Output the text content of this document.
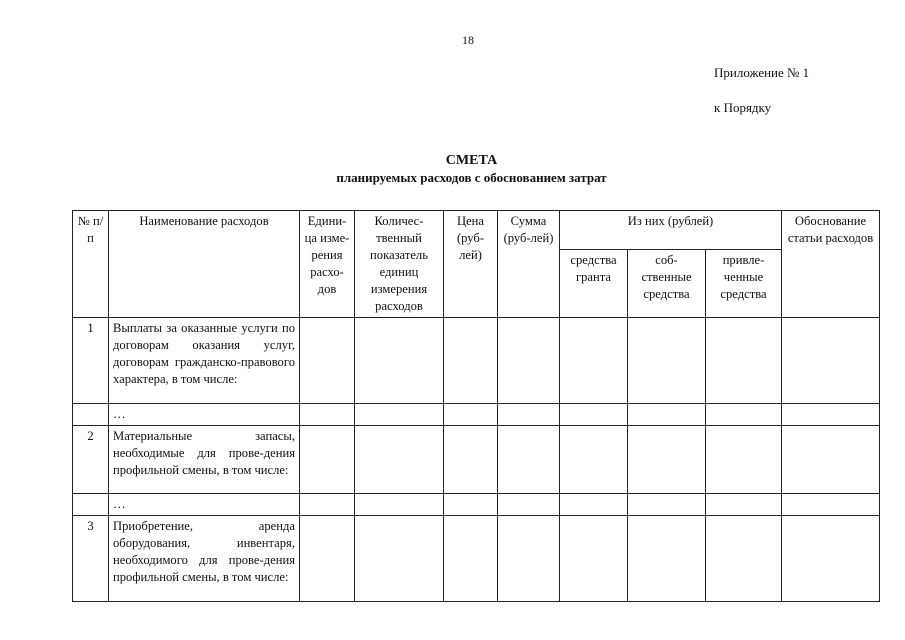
18
Приложение № 1
к Порядку
СМЕТА
планируемых расходов с обоснованием затрат
№ п/п	Наименование расходов	Едини-ца изме-рения расхо-дов	Количес-твенный показатель единиц измерения расходов	Цена (руб-лей)	Сумма (руб-лей)	Из них (рублей)			Обоснование статьи расходов
						средства гранта	соб-ственные средства	привле-ченные средства	
1	Выплаты за оказанные услуги по договорам оказания услуг, договорам гражданско-правового характера, в том числе:								
	…								
2	Материальные запасы, необходимые для прове-дения профильной смены, в том числе:								
	…								
3	Приобретение, аренда оборудования, инвентаря, необходимого для прове-дения профильной смены, в том числе:								
